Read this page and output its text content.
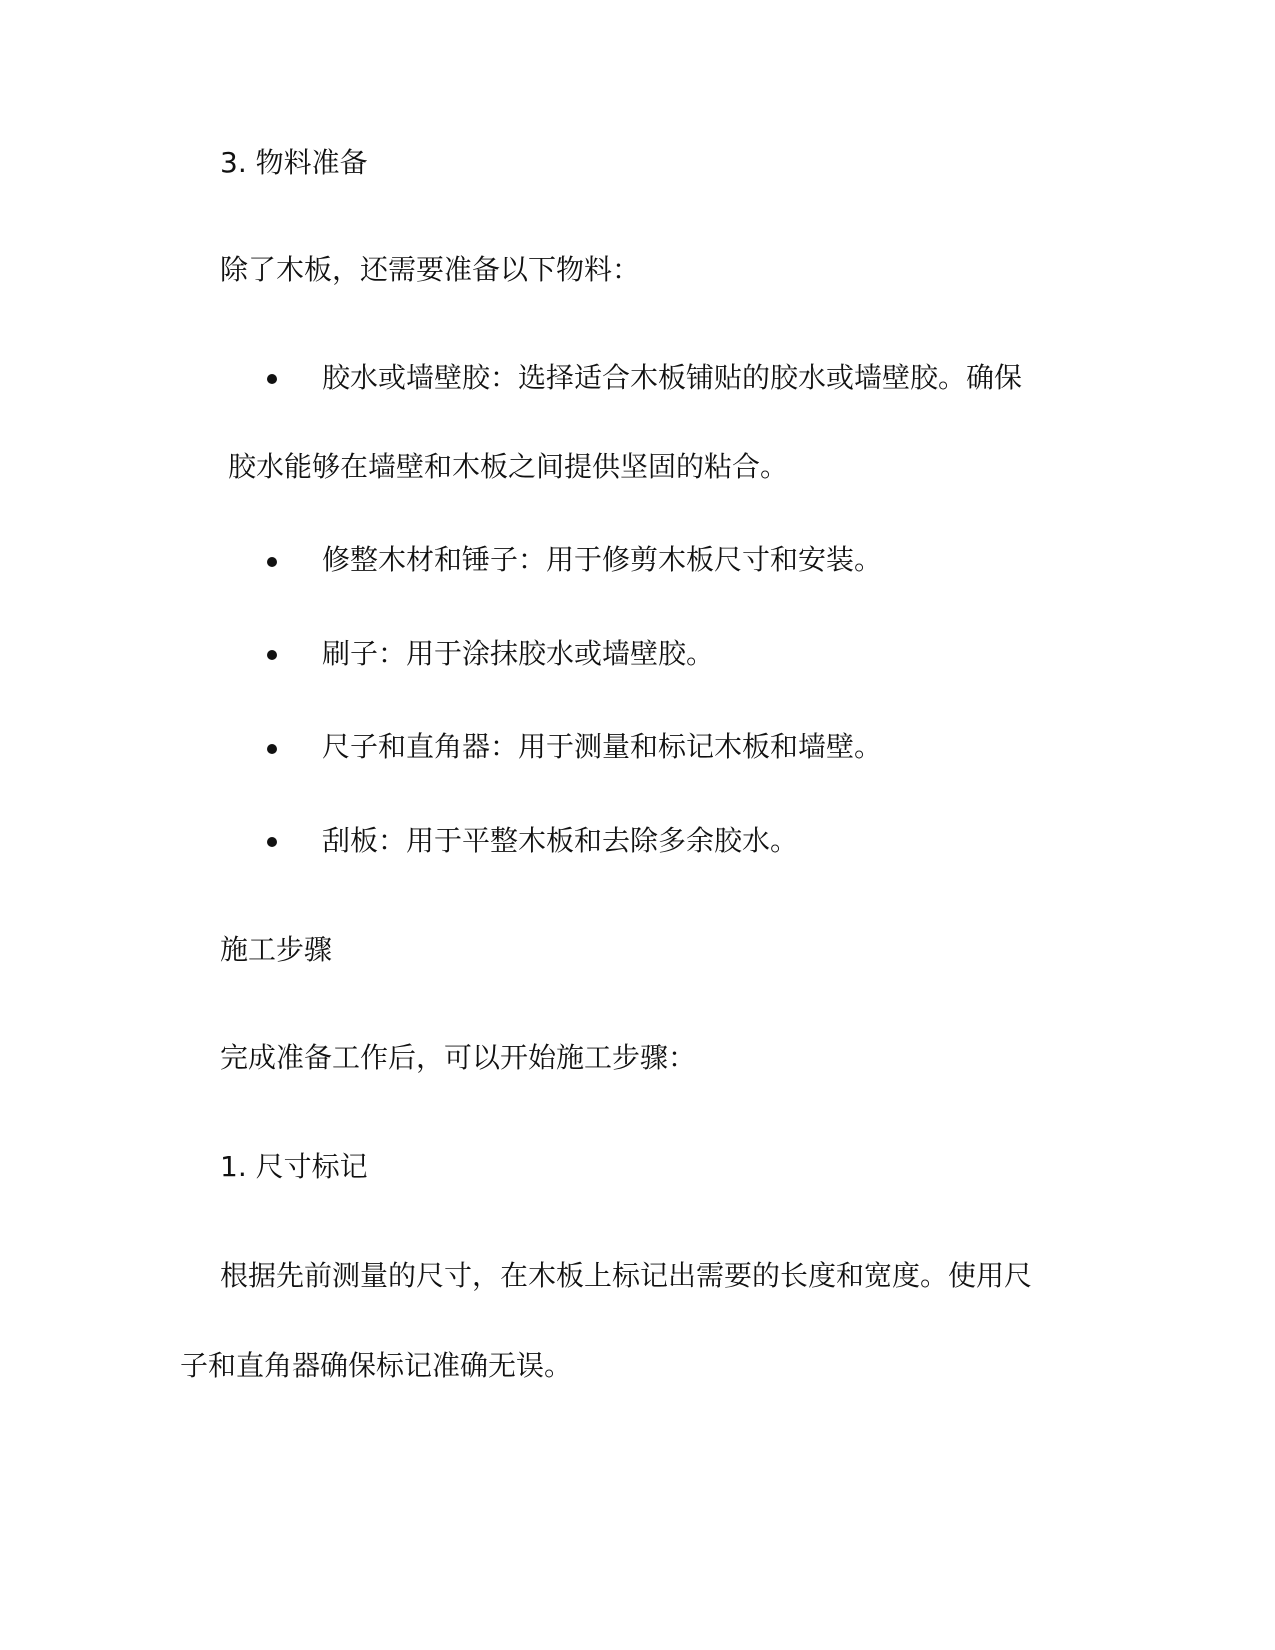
3. 物料准备
除了木板，还需要准备以下物料：
胶水或墙壁胶：选择适合木板铺贴的胶水或墙壁胶。确保
胶水能够在墙壁和木板之间提供坚固的粘合。
修整木材和锤子：用于修剪木板尺寸和安装。
刷子：用于涂抹胶水或墙壁胶。
尺子和直角器：用于测量和标记木板和墙壁。
刮板：用于平整木板和去除多余胶水。
施工步骤
完成准备工作后，可以开始施工步骤：
1. 尺寸标记
根据先前测量的尺寸，在木板上标记出需要的长度和宽度。使用尺
子和直角器确保标记准确无误。
